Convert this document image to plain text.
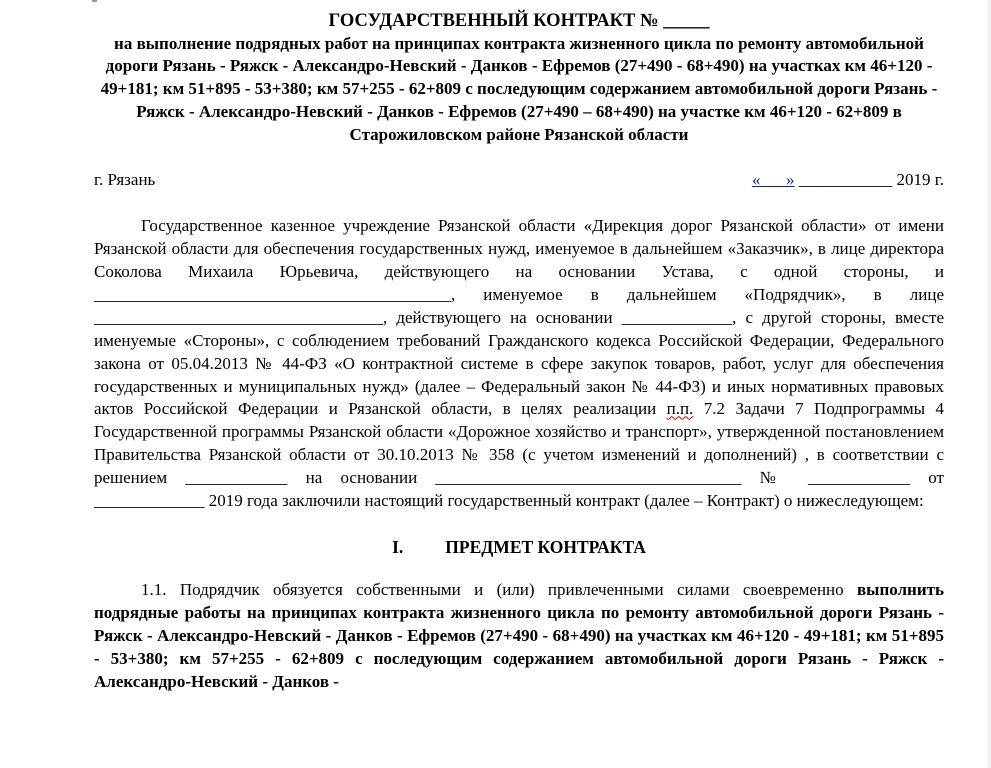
ГОСУДАРСТВЕННЫЙ КОНТРАКТ № _____
на выполнение подрядных работ на принципах контракта жизненного цикла по ремонту автомобильной дороги Рязань - Ряжск - Александро-Невский - Данков - Ефремов (27+490 - 68+490) на участках км 46+120 - 49+181; км 51+895 - 53+380; км 57+255 - 62+809 с последующим содержанием автомобильной дороги Рязань - Ряжск - Александро-Невский - Данков - Ефремов (27+490 – 68+490) на участке км 46+120 - 62+809 в Старожиловском районе Рязанской области
г. Рязань	«___» ___________ 2019 г.
Государственное казенное учреждение Рязанской области «Дирекция дорог Рязанской области» от имени Рязанской области для обеспечения государственных нужд, именуемое в дальнейшем «Заказчик», в лице директора Соколова Михаила Юрьевича, действующего на основании Устава, с одной стороны, и __________________________________________, именуемое в дальнейшем «Подрядчик», в лице __________________________________, действующего на основании _____________, с другой стороны, вместе именуемые «Стороны», с соблюдением требований Гражданского кодекса Российской Федерации, Федерального закона от 05.04.2013 № 44-ФЗ «О контрактной системе в сфере закупок товаров, работ, услуг для обеспечения государственных и муниципальных нужд» (далее – Федеральный закон № 44-ФЗ) и иных нормативных правовых актов Российской Федерации и Рязанской области, в целях реализации п.п. 7.2 Задачи 7 Подпрограммы 4 Государственной программы Рязанской области «Дорожное хозяйство и транспорт», утвержденной постановлением Правительства Рязанской области от 30.10.2013 № 358 (с учетом изменений и дополнений) , в соответствии с решением ____________ на основании ____________________________________ № ____________ от _____________ 2019 года заключили настоящий государственный контракт (далее – Контракт) о нижеследующем:
I. ПРЕДМЕТ КОНТРАКТА
1.1. Подрядчик обязуется собственными и (или) привлеченными силами своевременно выполнить подрядные работы на принципах контракта жизненного цикла по ремонту автомобильной дороги Рязань - Ряжск - Александро-Невский - Данков - Ефремов (27+490 - 68+490) на участках км 46+120 - 49+181; км 51+895 - 53+380; км 57+255 - 62+809 с последующим содержанием автомобильной дороги Рязань - Ряжск - Александро-Невский - Данков -
